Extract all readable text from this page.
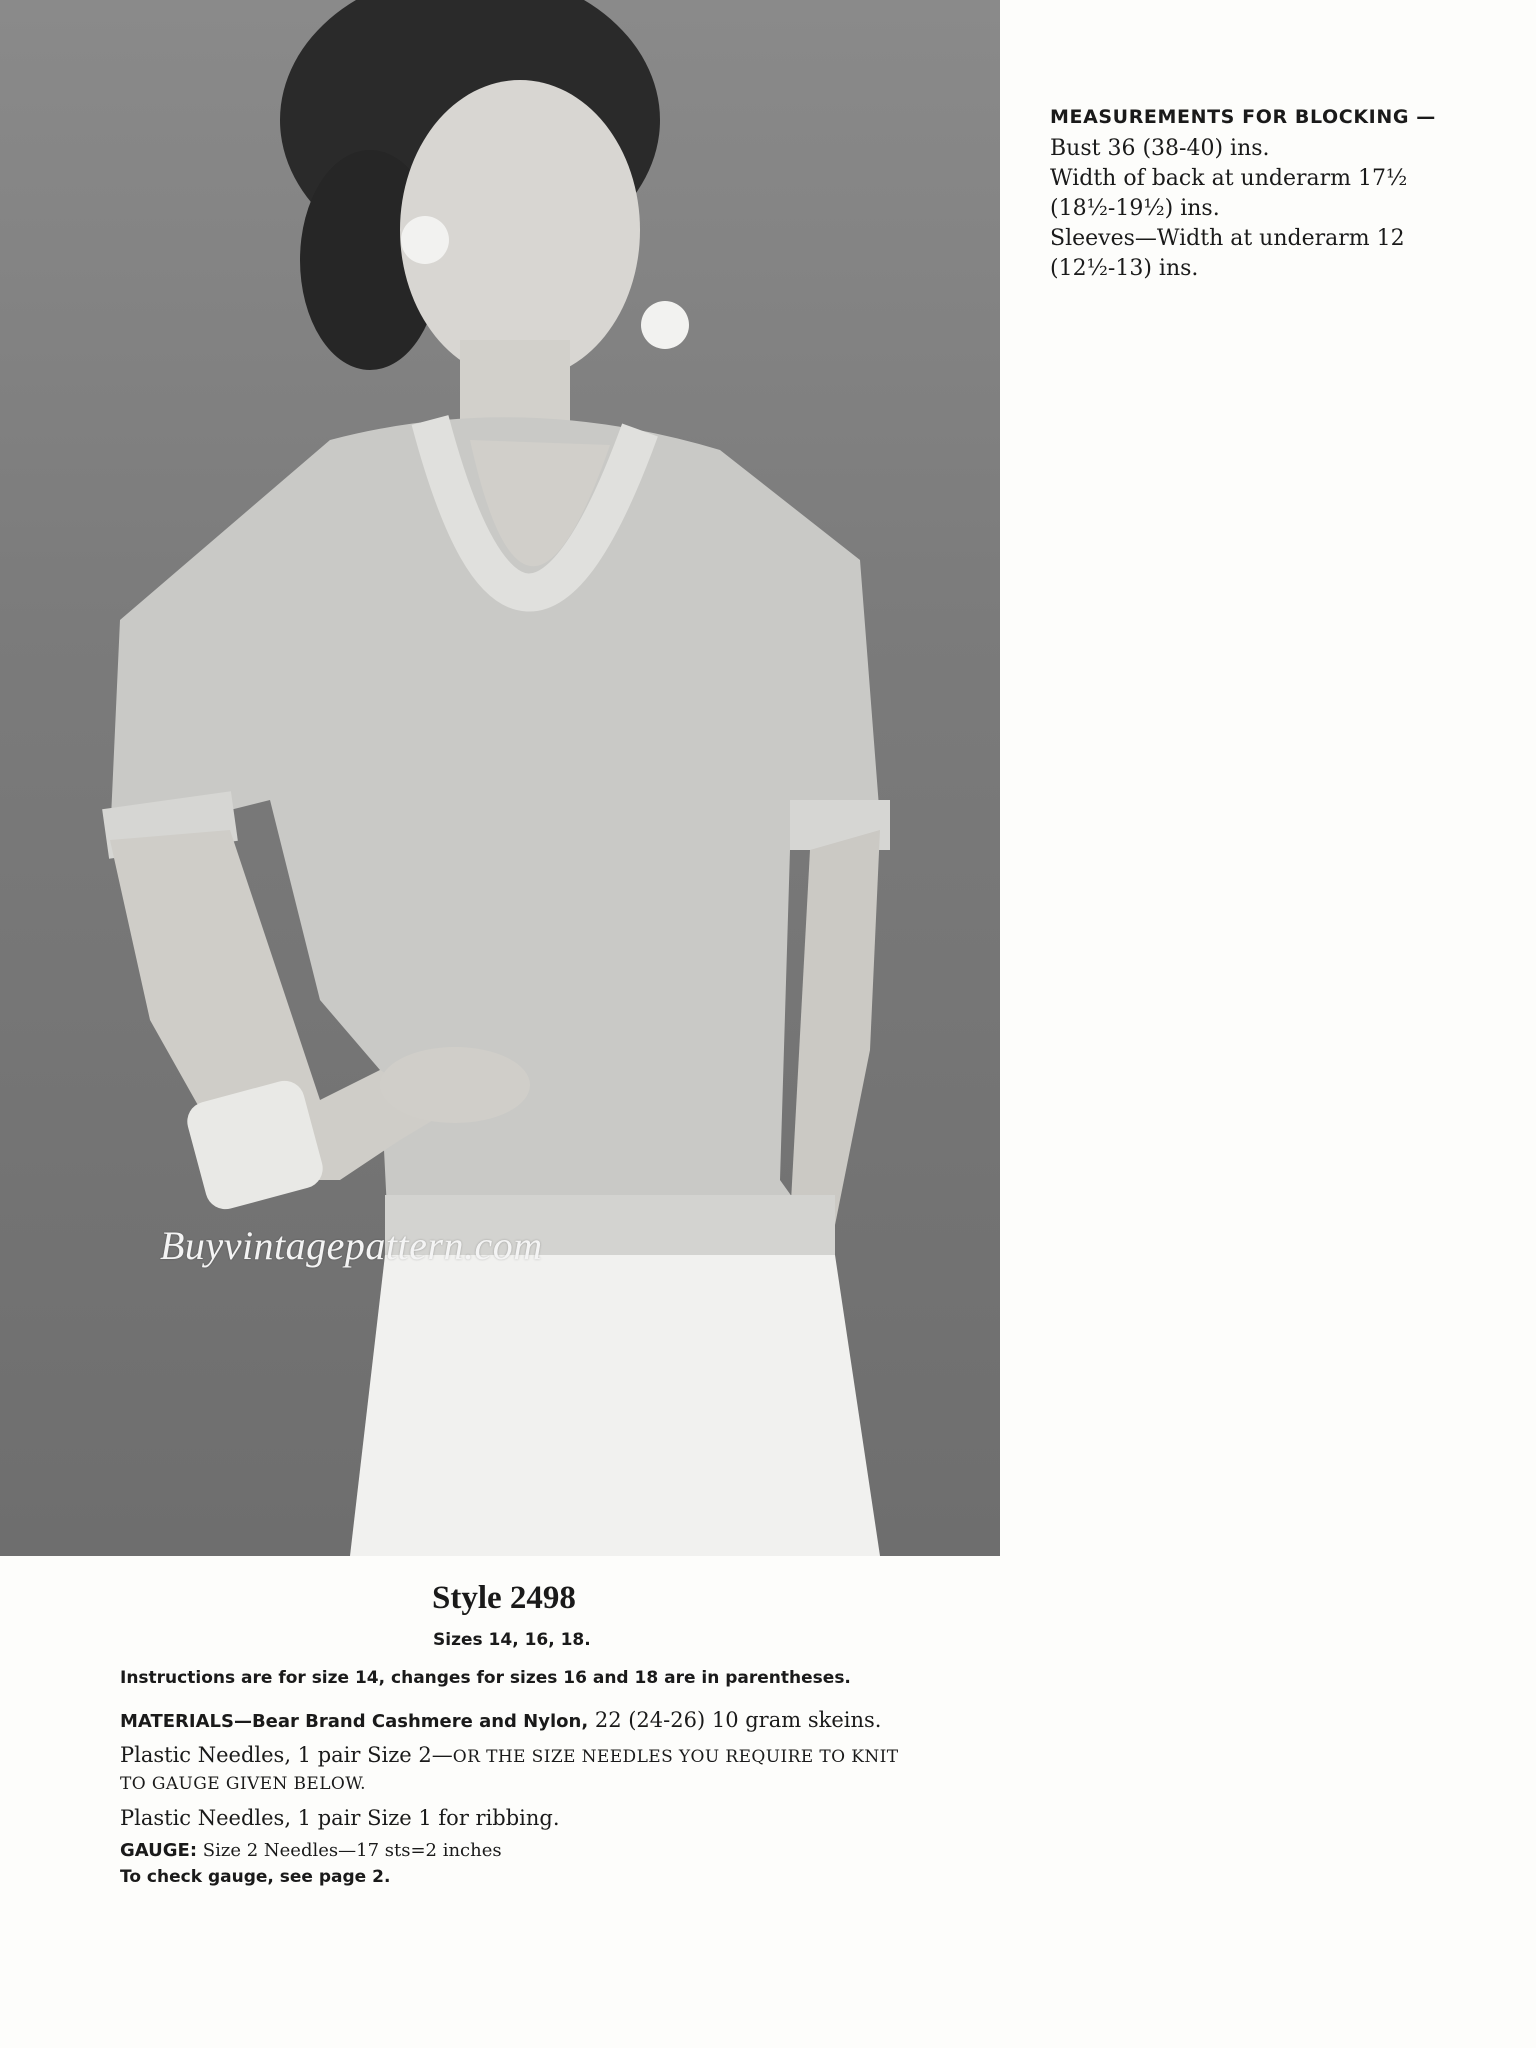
Buyvintagepattern.com
MEASUREMENTS FOR BLOCKING —
Bust 36 (38-40) ins.
Width of back at underarm 17½
(18½-19½) ins.
Sleeves—Width at underarm 12
(12½-13) ins.
Style 2498
Sizes 14, 16, 18.
Instructions are for size 14, changes for sizes 16 and 18 are in parentheses.
MATERIALS—Bear Brand Cashmere and Nylon, 22 (24-26) 10 gram skeins.
Plastic Needles, 1 pair Size 2—OR THE SIZE NEEDLES YOU REQUIRE TO KNIT TO GAUGE GIVEN BELOW.
Plastic Needles, 1 pair Size 1 for ribbing.
GAUGE: Size 2 Needles—17 sts=2 inches
To check gauge, see page 2.
